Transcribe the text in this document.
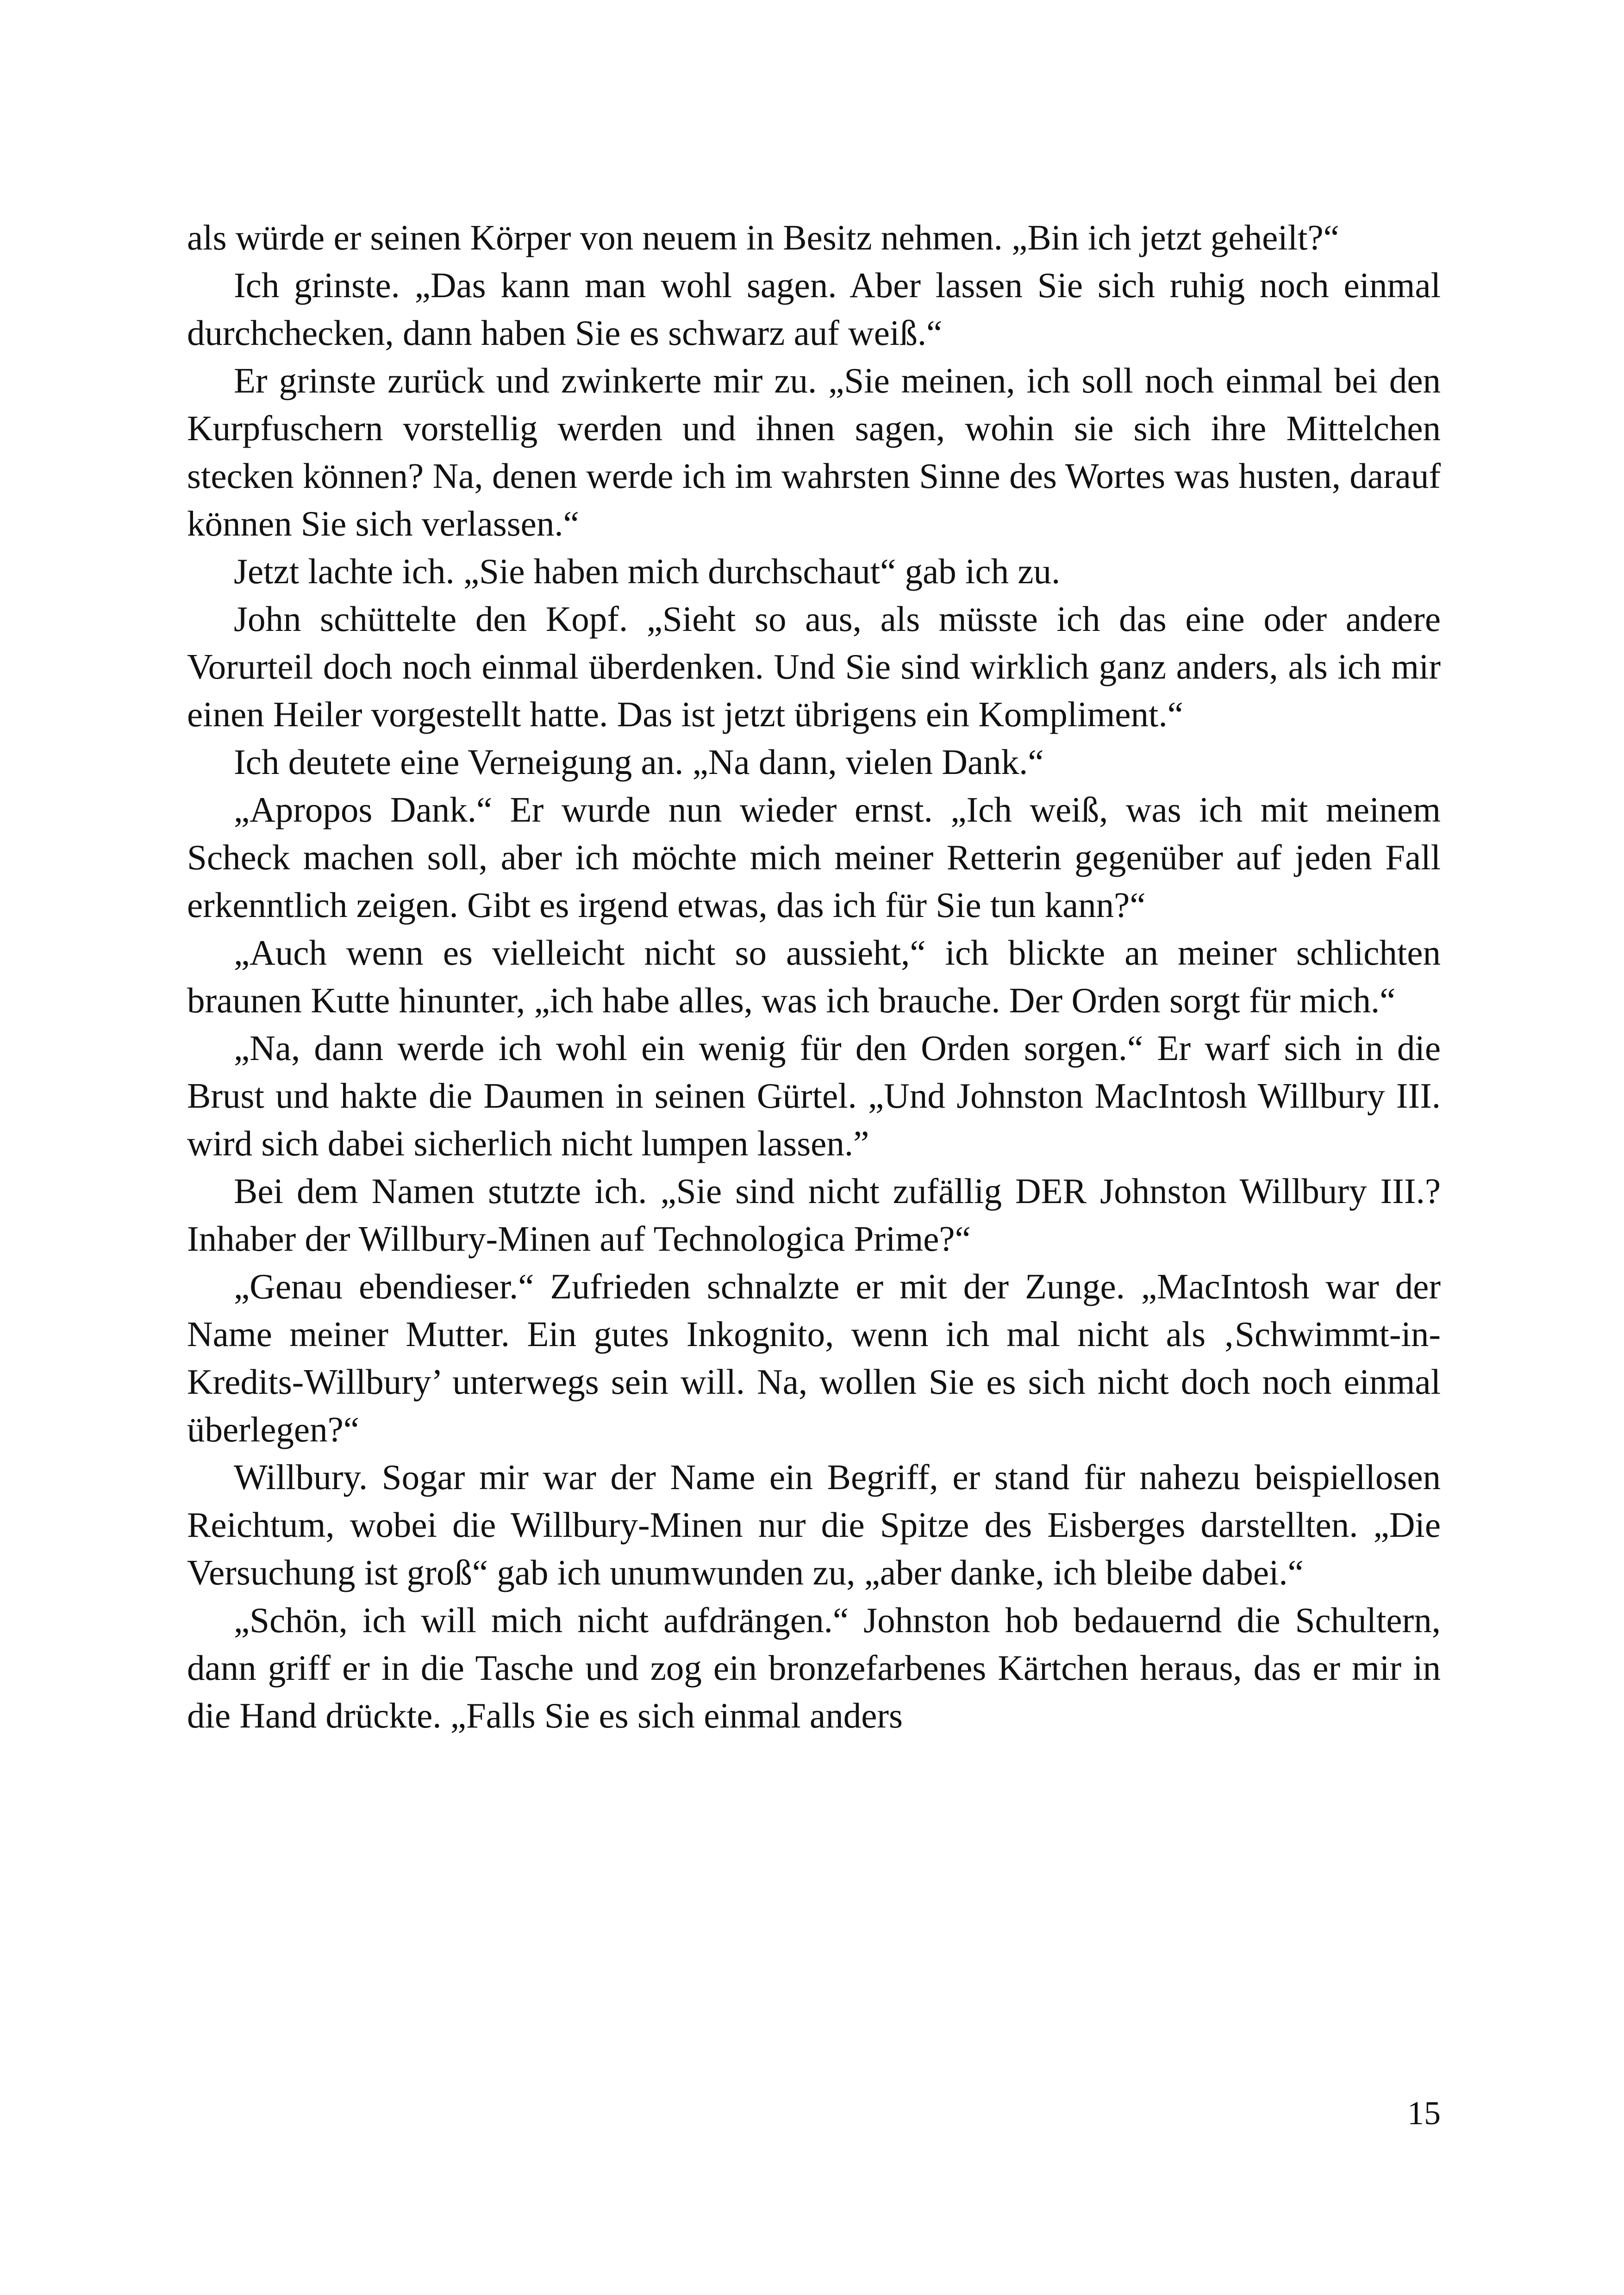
als würde er seinen Körper von neuem in Besitz nehmen. „Bin ich jetzt geheilt?“

Ich grinste. „Das kann man wohl sagen. Aber lassen Sie sich ruhig noch einmal durchchecken, dann haben Sie es schwarz auf weiß.“

Er grinste zurück und zwinkerte mir zu. „Sie meinen, ich soll noch einmal bei den Kurpfuschern vorstellig werden und ihnen sagen, wohin sie sich ihre Mittelchen stecken können? Na, denen werde ich im wahrsten Sinne des Wortes was husten, darauf können Sie sich verlassen.“

Jetzt lachte ich. „Sie haben mich durchschaut“ gab ich zu.

John schüttelte den Kopf. „Sieht so aus, als müsste ich das eine oder andere Vorurteil doch noch einmal überdenken. Und Sie sind wirklich ganz anders, als ich mir einen Heiler vorgestellt hatte. Das ist jetzt übrigens ein Kompliment.“

Ich deutete eine Verneigung an. „Na dann, vielen Dank.“

„Apropos Dank.“ Er wurde nun wieder ernst. „Ich weiß, was ich mit meinem Scheck machen soll, aber ich möchte mich meiner Retterin gegenüber auf jeden Fall erkenntlich zeigen. Gibt es irgend etwas, das ich für Sie tun kann?“

„Auch wenn es vielleicht nicht so aussieht,“ ich blickte an meiner schlichten braunen Kutte hinunter, „ich habe alles, was ich brauche. Der Orden sorgt für mich.“

„Na, dann werde ich wohl ein wenig für den Orden sorgen.“ Er warf sich in die Brust und hakte die Daumen in seinen Gürtel. „Und Johnston MacIntosh Willbury III. wird sich dabei sicherlich nicht lumpen lassen.”

Bei dem Namen stutzte ich. „Sie sind nicht zufällig DER Johnston Willbury III.? Inhaber der Willbury-Minen auf Technologica Prime?“

„Genau ebendieser.“ Zufrieden schnalzte er mit der Zunge. „MacIntosh war der Name meiner Mutter. Ein gutes Inkognito, wenn ich mal nicht als ‚Schwimmt-in-Kredits-Willbury’ unterwegs sein will. Na, wollen Sie es sich nicht doch noch einmal überlegen?“

Willbury. Sogar mir war der Name ein Begriff, er stand für nahezu beispiellosen Reichtum, wobei die Willbury-Minen nur die Spitze des Eisberges darstellten. „Die Versuchung ist groß“ gab ich unumwunden zu, „aber danke, ich bleibe dabei.“

„Schön, ich will mich nicht aufdrängen.“ Johnston hob bedauernd die Schultern, dann griff er in die Tasche und zog ein bronzefarbenes Kärtchen heraus, das er mir in die Hand drückte. „Falls Sie es sich einmal anders

15
